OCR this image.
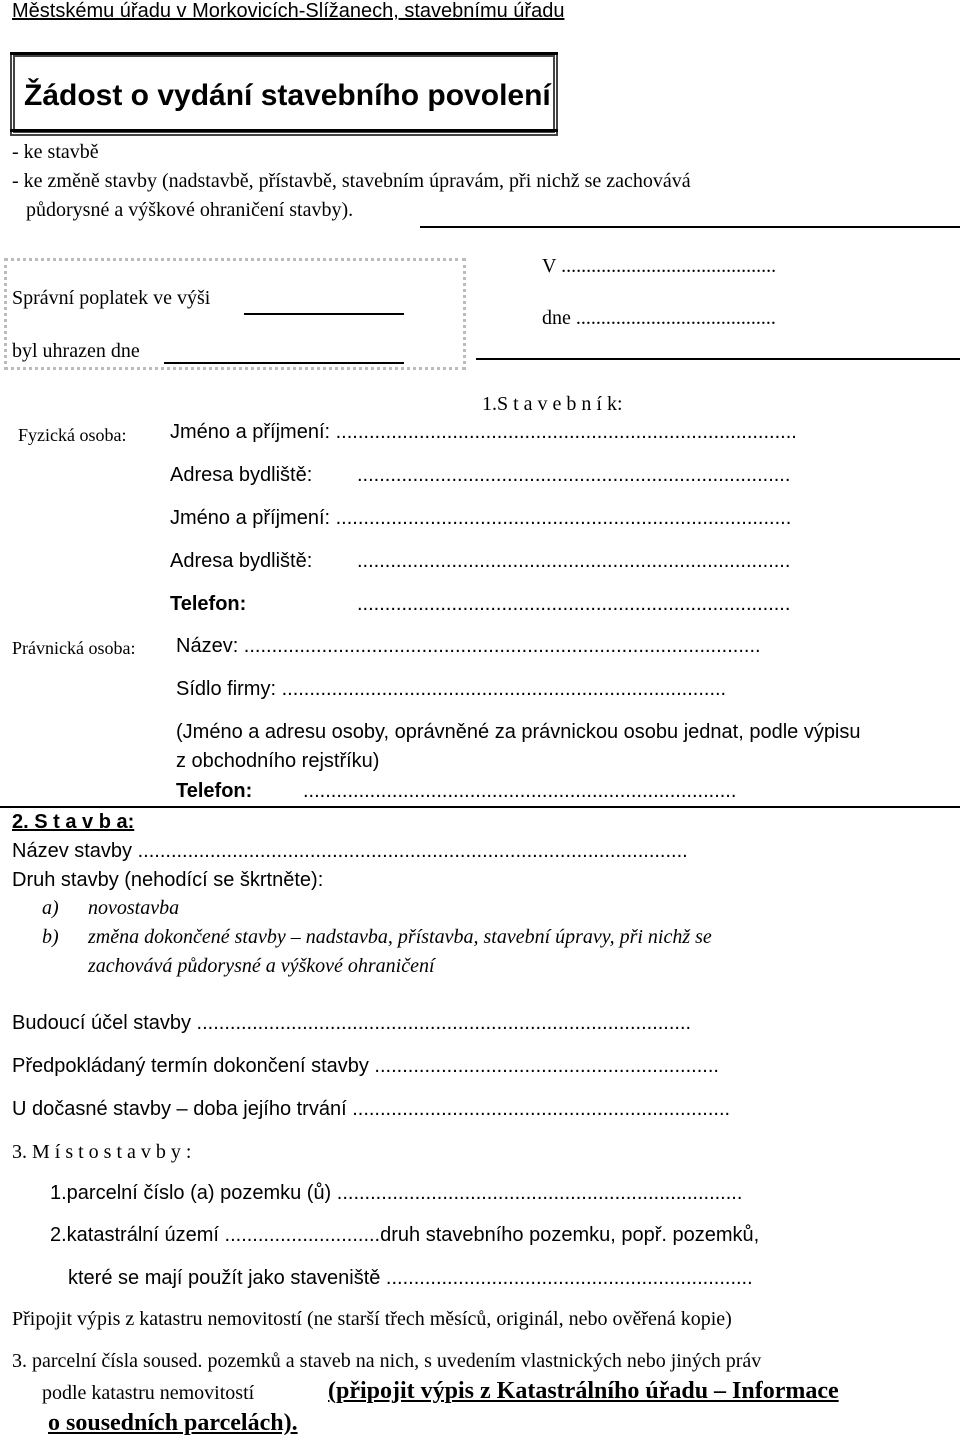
Městskému úřadu v Morkovicích-Slížanech, stavebnímu úřadu
Žádost o vydání stavebního povolení
- ke stavbě
- ke změně stavby (nadstavbě, přístavbě, stavebním úpravám, při nichž se zachovává
půdorysné a výškové ohraničení stavby).
Správní poplatek ve výši
byl uhrazen dne
V ...........................................
dne ........................................
1.S t a v e b n í k:
Fyzická osoba: Jméno a příjmení: ...................................................................................
Adresa bydliště: ..............................................................................
Jméno a příjmení: ..................................................................................
Adresa bydliště: ..............................................................................
Telefon:	..............................................................................
Právnická osoba: Název: .............................................................................................
Sídlo firmy: ................................................................................
(Jméno a adresu osoby, oprávněné za právnickou osobu jednat, podle výpisu
z obchodního rejstříku)
Telefon:	..............................................................................
2. S t a v b a:
Název stavby ...................................................................................................
Druh stavby (nehodící se škrtněte):
a) novostavba
b) změna dokončené stavby – nadstavba, přístavba, stavební úpravy, při nichž se
zachovává půdorysné a výškové ohraničení
Budoucí účel stavby .........................................................................................
Předpokládaný termín dokončení stavby ..............................................................
U dočasné stavby – doba jejího trvání ....................................................................
3. M í s t o s t a v b y :
1.parcelní číslo (a) pozemku (ů) .........................................................................
2.katastrální území ............................druh stavebního pozemku, popř. pozemků,
které se mají použít jako staveniště ..................................................................
Připojit výpis z katastru nemovitostí (ne starší třech měsíců, originál, nebo ověřená kopie)
3. parcelní čísla soused. pozemků a staveb na nich, s uvedením vlastnických nebo jiných práv
podle katastru nemovitostí	(připojit výpis z Katastrálního úřadu – Informace
o sousedních parcelách).
